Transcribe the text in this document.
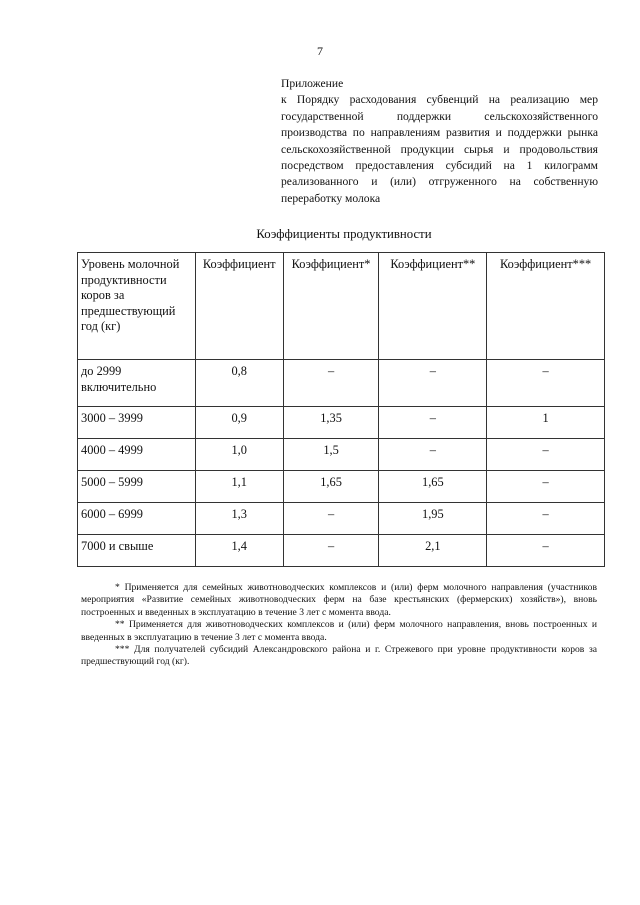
7
Приложение
к Порядку расходования субвенций на реализацию мер государственной поддержки сельскохозяйственного производства по направлениям развития и поддержки рынка сельскохозяйственной продукции сырья и продовольствия посредством предоставления субсидий на 1 килограмм реализованного и (или) отгруженного на собственную переработку молока
Коэффициенты продуктивности
Уровень молочной продуктивности коров за предшествующий год (кг)	Коэффициент	Коэффициент*	Коэффициент**	Коэффициент***
до 2999 включительно	0,8	–	–	–
3000 – 3999	0,9	1,35	–	1
4000 – 4999	1,0	1,5	–	–
5000 – 5999	1,1	1,65	1,65	–
6000 – 6999	1,3	–	1,95	–
7000 и свыше	1,4	–	2,1	–

* Применяется для семейных животноводческих комплексов и (или) ферм молочного направления (участников мероприятия «Развитие семейных животноводческих ферм на базе крестьянских (фермерских) хозяйств»), вновь построенных и введенных в эксплуатацию в течение 3 лет с момента ввода.

** Применяется для животноводческих комплексов и (или) ферм молочного направления, вновь построенных и введенных в эксплуатацию в течение 3 лет с момента ввода.

*** Для получателей субсидий Александровского района и г. Стрежевого при уровне продуктивности коров за предшествующий год (кг).
